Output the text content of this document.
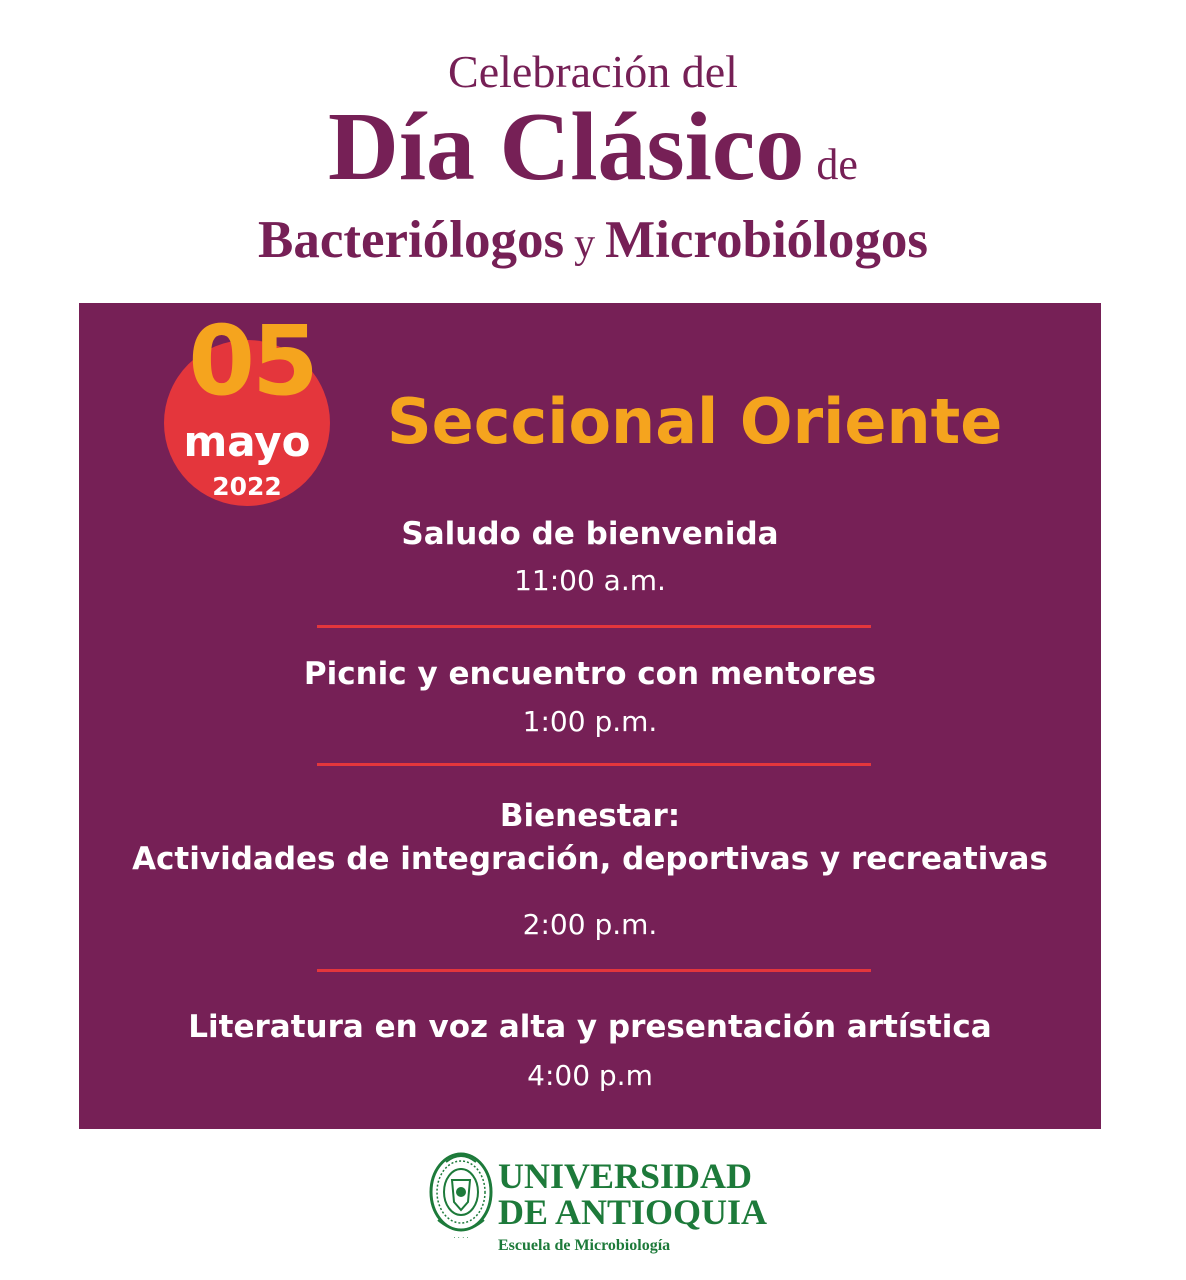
Celebración del
Día Clásico de
Bacteriólogos y Microbiólogos
05
mayo
2022
Seccional Oriente
Saludo de bienvenida
11:00 a.m.
Picnic y encuentro con mentores
1:00 p.m.
Bienestar:
Actividades de integración, deportivas y recreativas
2:00 p.m.
Literatura en voz alta y presentación artística
4:00 p.m
· · · ·
UNIVERSIDAD
DE ANTIOQUIA
Escuela de Microbiología
